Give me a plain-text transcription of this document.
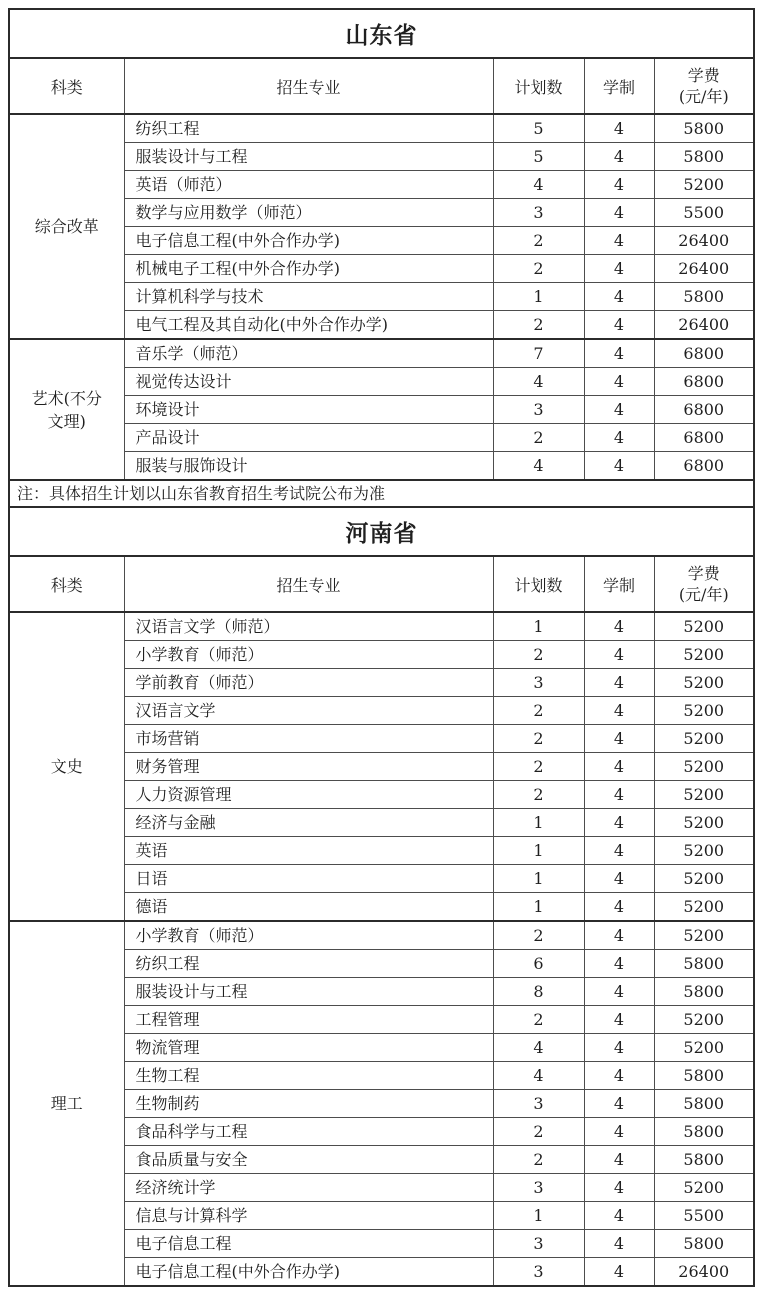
山东省				
科类	招生专业	计划数	学制	学费
(元/年)

综合改革	纺织工程	5	4	5800
	服装设计与工程	5	4	5800
	英语（师范）	4	4	5200
	数学与应用数学（师范）	3	4	5500
	电子信息工程(中外合作办学)	2	4	26400
	机械电子工程(中外合作办学)	2	4	26400
	计算机科学与技术	1	4	5800
	电气工程及其自动化(中外合作办学)	2	4	26400

艺术(不分
文理)	音乐学（师范）	7	4	6800
	视觉传达设计	4	4	6800
	环境设计	3	4	6800
	产品设计	2	4	6800
	服装与服饰设计	4	4	6800
注：具体招生计划以山东省教育招生考试院公布为准				
河南省				
科类	招生专业	计划数	学制	学费
(元/年)

文史	汉语言文学（师范）	1	4	5200
	小学教育（师范）	2	4	5200
	学前教育（师范）	3	4	5200
	汉语言文学	2	4	5200
	市场营销	2	4	5200
	财务管理	2	4	5200
	人力资源管理	2	4	5200
	经济与金融	1	4	5200
	英语	1	4	5200
	日语	1	4	5200
	德语	1	4	5200

理工	小学教育（师范）	2	4	5200
	纺织工程	6	4	5800
	服装设计与工程	8	4	5800
	工程管理	2	4	5200
	物流管理	4	4	5200
	生物工程	4	4	5800
	生物制药	3	4	5800
	食品科学与工程	2	4	5800
	食品质量与安全	2	4	5800
	经济统计学	3	4	5200
	信息与计算科学	1	4	5500
	电子信息工程	3	4	5800
	电子信息工程(中外合作办学)	3	4	26400
